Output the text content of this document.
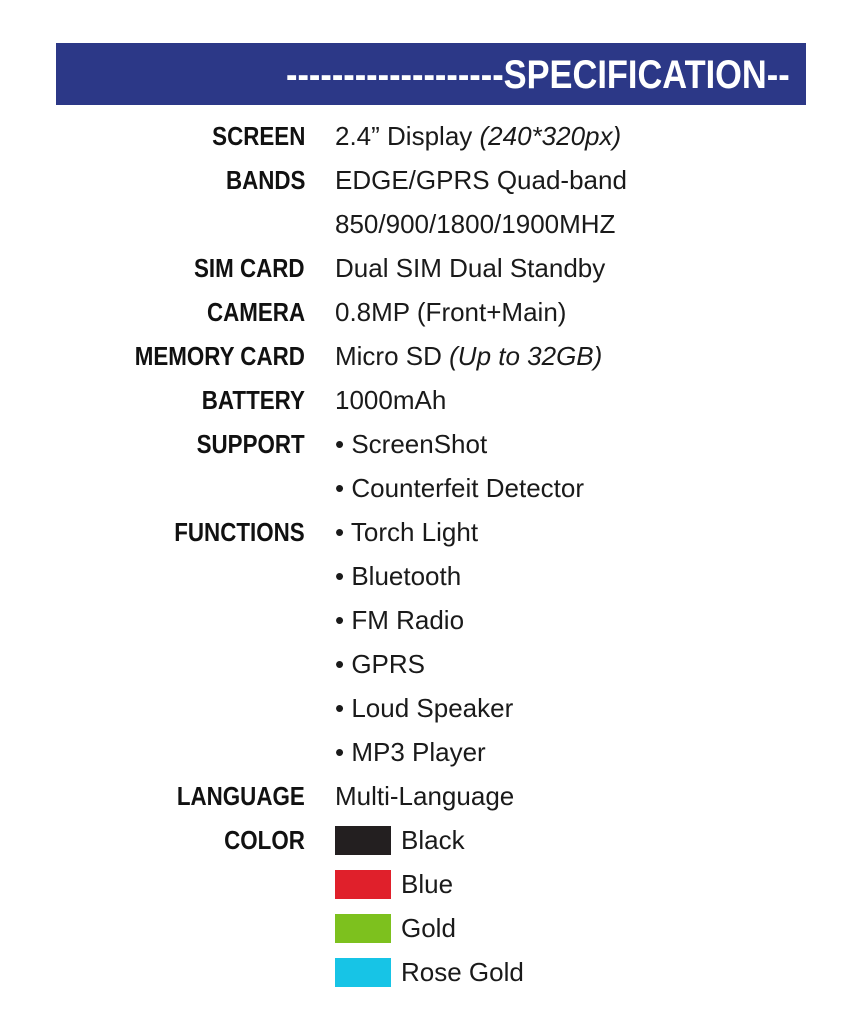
-------------------SPECIFICATION--
SCREEN 2.4” Display (240*320px)
BANDS EDGE/GPRS Quad-band
850/900/1800/1900MHZ
SIM CARD Dual SIM Dual Standby
CAMERA 0.8MP (Front+Main)
MEMORY CARD Micro SD (Up to 32GB)
BATTERY 1000mAh
SUPPORT • ScreenShot
• Counterfeit Detector
FUNCTIONS • Torch Light
• Bluetooth
• FM Radio
• GPRS
• Loud Speaker
• MP3 Player
LANGUAGE Multi-Language
COLOR	Black
Blue
Gold
Rose Gold
